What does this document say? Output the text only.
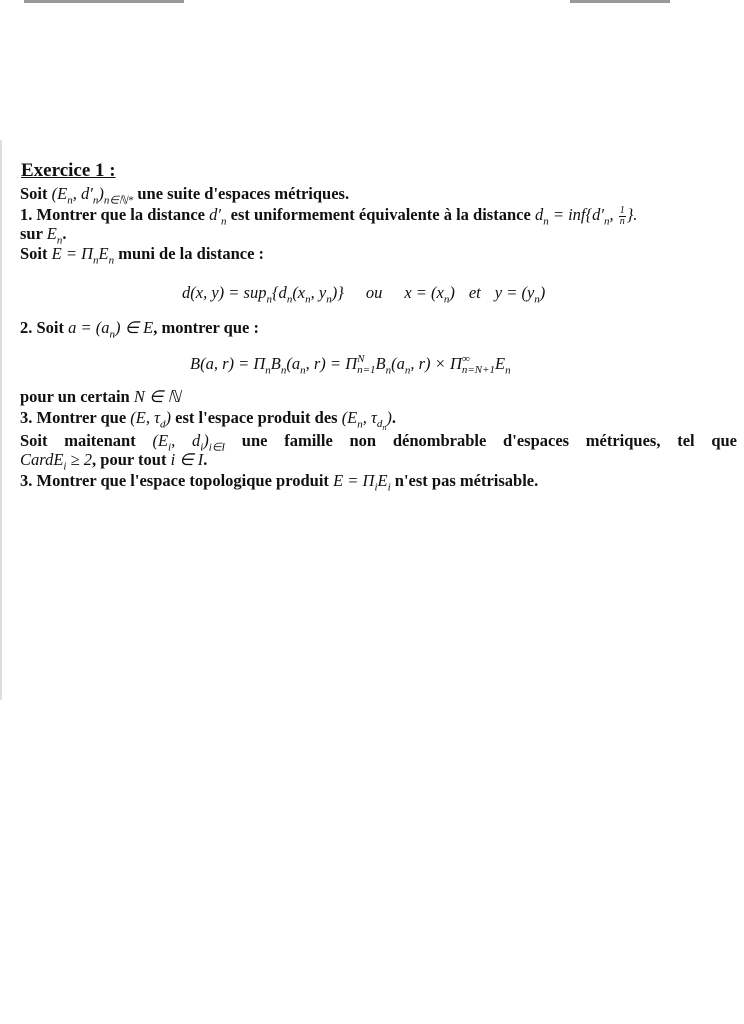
Exercice 1 :
Soit ($E_n$, $d'_n)_{n\in ℕ*}$ une suite d'espaces métriques.
1. Montrer que la distance $d'_n$ est uniformement équivalente à la distance $d_n = inf\{d'_n$, $\frac{1}{n}$ }.
sur $E_n$.
Soit $E = \Pi_nE_n$ muni de la distance :
d(x, $y) = sup_n\{d_n(x_n$, $y_n$)} ou $x = (x_n)$ et $y = (y_n)$
2. Soit $a = (a_n)$ ∈ E, montrer que :
B(a, $r) = \Pi_nB_n(a_n$, r) = Π N
n=1 $B_n(a_n$, r) × Π ∞
n=N+1 $E_n$
pour un certain N ∈ ℕ
3. Montrer que (E, $\tau_d$) est l'espace produit des ($E_n$, $\tau_{d_n}$).
Soit maitenant ($E_i$, $d_i)_{i\in I}$ une famille non dénombrable d'espaces métriques, tel que
CardE$_i$ ≥ 2, pour tout i ∈ I.
3. Montrer que l'espace topologique produit $E = \Pi_iE_i$ n'est pas métrisable.
